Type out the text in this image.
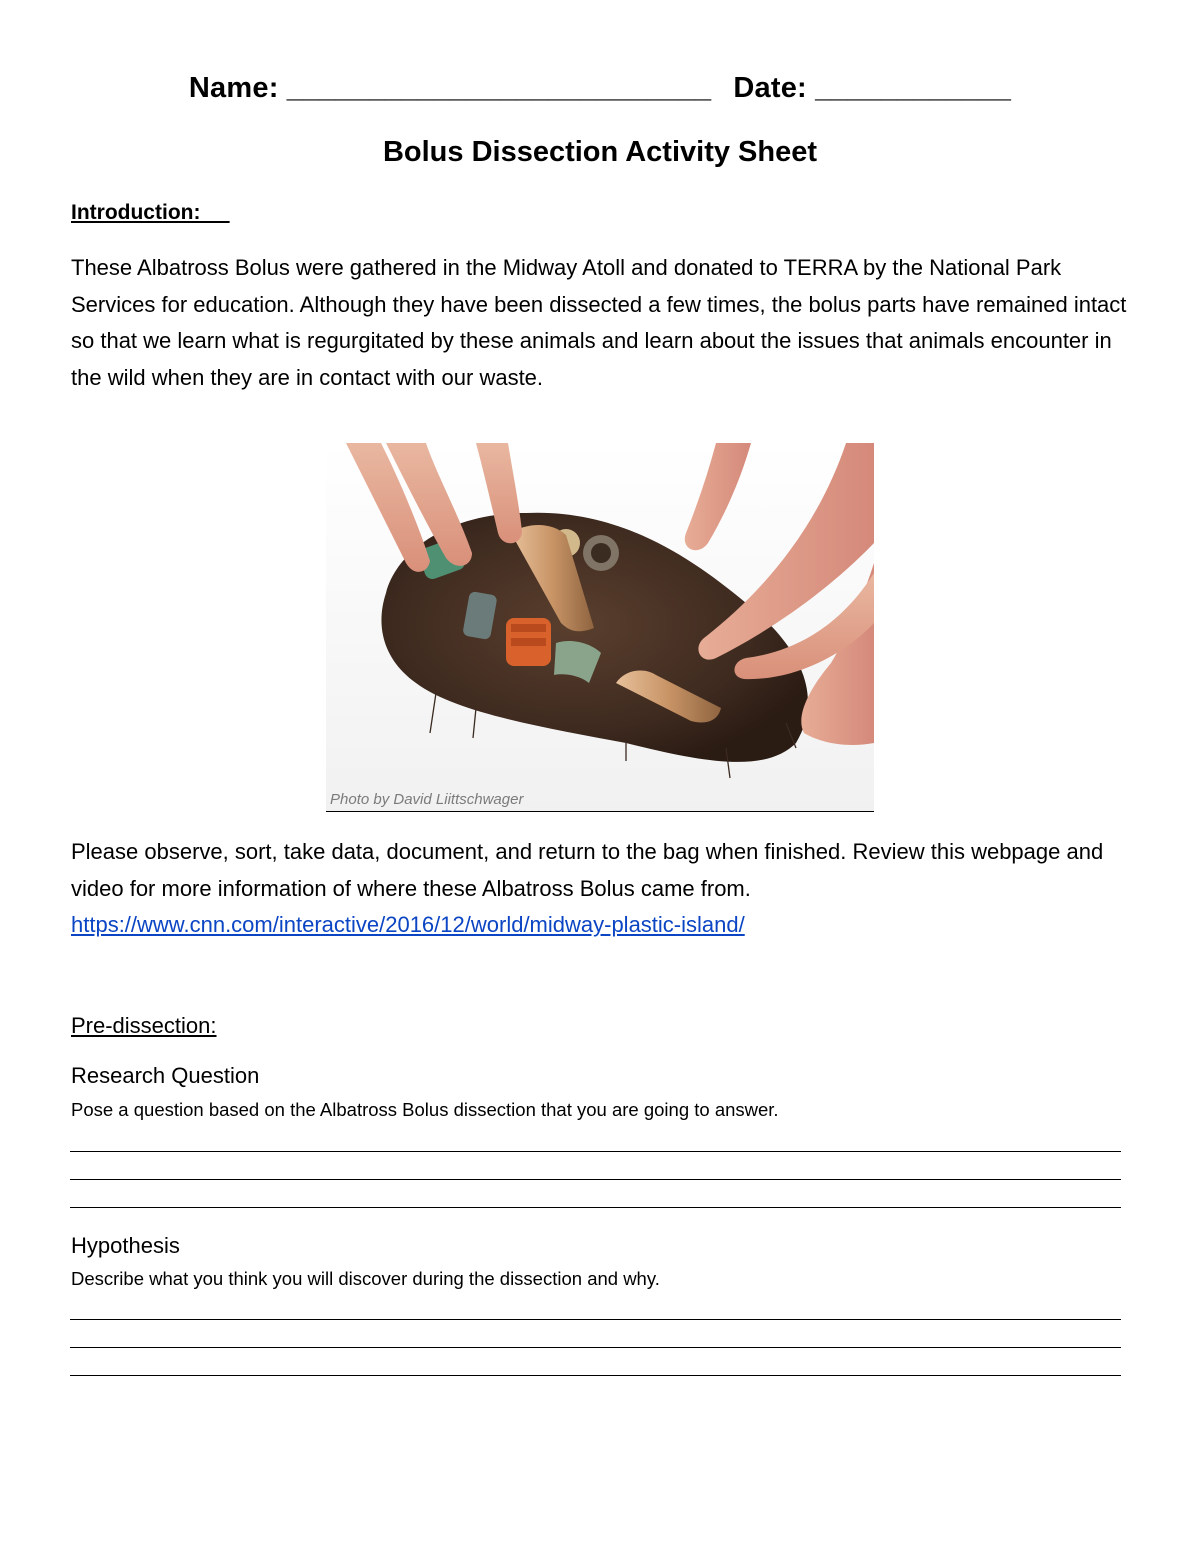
Name: __________________________ Date: ____________
Bolus Dissection Activity Sheet
Introduction:
These Albatross Bolus were gathered in the Midway Atoll and donated to TERRA by the National Park Services for education. Although they have been dissected a few times, the bolus parts have remained intact so that we learn what is regurgitated by these animals and learn about the issues that animals encounter in the wild when they are in contact with our waste.
Photo by David Liittschwager
Please observe, sort, take data, document, and return to the bag when finished. Review this webpage and video for more information of where these Albatross Bolus came from.
https://www.cnn.com/interactive/2016/12/world/midway-plastic-island/
Pre-dissection:
Research Question
Pose a question based on the Albatross Bolus dissection that you are going to answer.
Hypothesis
Describe what you think you will discover during the dissection and why.
